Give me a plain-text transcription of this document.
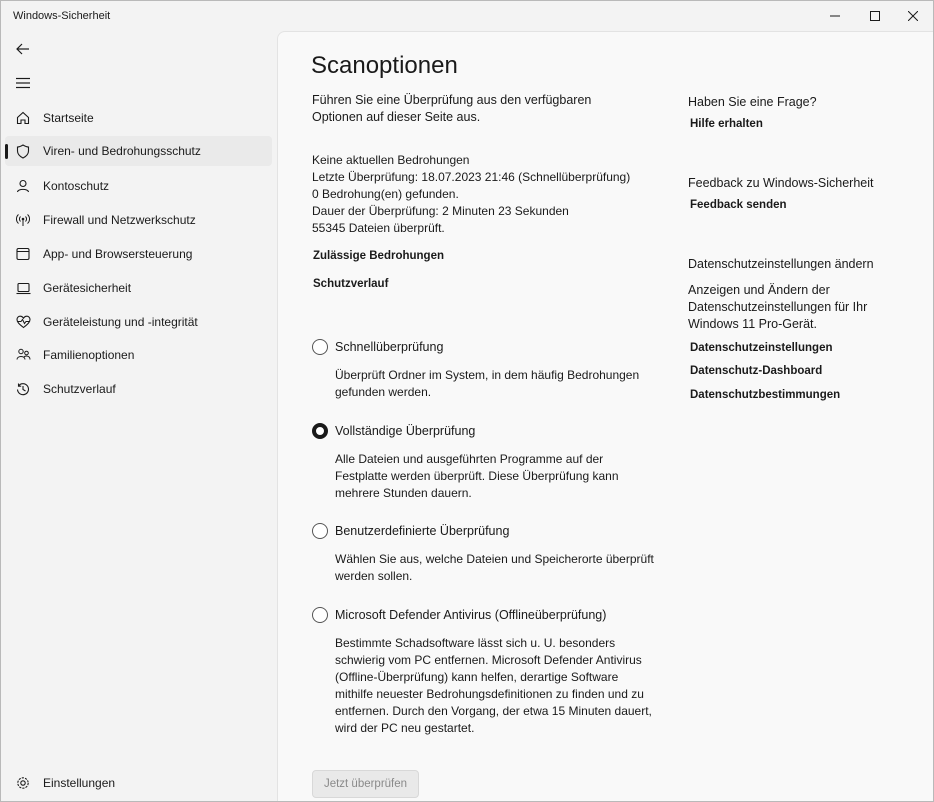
Windows-Sicherheit
Startseite
Viren- und Bedrohungsschutz
Kontoschutz
Firewall und Netzwerkschutz
App- und Browsersteuerung
Gerätesicherheit
Geräteleistung und -integrität
Familienoptionen
Schutzverlauf
Einstellungen
Scanoptionen

Führen Sie eine Überprüfung aus den verfügbaren Optionen auf dieser Seite aus.

Keine aktuellen Bedrohungen
Letzte Überprüfung: 18.07.2023 21:46 (Schnellüberprüfung)
0 Bedrohung(en) gefunden.
Dauer der Überprüfung: 2 Minuten 23 Sekunden
55345 Dateien überprüft.
Zulässige Bedrohungen
Schutzverlauf
Schnellüberprüfung

Überprüft Ordner im System, in dem häufig Bedrohungen gefunden werden.

Vollständige Überprüfung

Alle Dateien und ausgeführten Programme auf der Festplatte werden überprüft. Diese Überprüfung kann mehrere Stunden dauern.

Benutzerdefinierte Überprüfung

Wählen Sie aus, welche Dateien und Speicherorte überprüft werden sollen.

Microsoft Defender Antivirus (Offlineüberprüfung)

Bestimmte Schadsoftware lässt sich u. U. besonders schwierig vom PC entfernen. Microsoft Defender Antivirus (Offline-Überprüfung) kann helfen, derartige Software mithilfe neuester Bedrohungsdefinitionen zu finden und zu entfernen. Durch den Vorgang, der etwa 15 Minuten dauert, wird der PC neu gestartet.

Jetzt überprüfen
Haben Sie eine Frage?
Hilfe erhalten
Feedback zu Windows-Sicherheit
Feedback senden
Datenschutzeinstellungen ändern

Anzeigen und Ändern der Datenschutzeinstellungen für Ihr Windows 11 Pro-Gerät.

Datenschutzeinstellungen
Datenschutz-Dashboard
Datenschutzbestimmungen
